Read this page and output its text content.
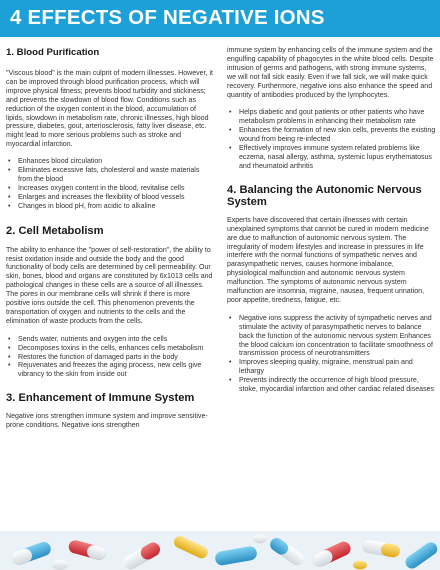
4 EFFECTS OF NEGATIVE IONS
1. Blood Purification

"Viscous blood" is the main culprit of modern illnesses. However, it can be improved through blood purification process, which will improve physical fitness; prevents blood turbidity and stickiness; and prevents the slowdown of blood flow. Conditions such as reduction of the oxygen content in the blood, accumulation of lipids, slowdown in metabolism rate, chronic illnesses, high blood pressure, diabetes, gout, arteriosclerosis, fatty liver disease, etc. might lead to more serious problems such as stroke and myocardial infarction.

• Enhances blood circulation
• Eliminates excessive fats, cholesterol and waste materials from the blood
• Increases oxygen content in the blood, revitalise cells
• Enlarges and increases the flexibility of blood vessels
• Changes in blood pH, from acidic to alkaline
2. Cell Metabolism

The ability to enhance the "power of self-restoration", the ability to resist oxidation inside and outside the body and the good functionality of body cells are determined by cell permeability. Our skin, bones, blood and organs are constituted by 6x1013 cells and pathological changes in these cells are a source of all illnesses. The pores in our membrane cells will shrink if there is more positive ions outside the cell. This phenomenon prevents the transportation of oxygen and nutrients to the cells and the elimination of waste products from the cells.

• Sends water, nutrients and oxygen into the cells
• Decomposes toxins in the cells, enhances cells metabolism
• Restores the function of damaged parts in the body
• Rejuvenates and freezes the aging process, new cells give vibrancy to the skin from inside out
3. Enhancement of Immune System

Negative ions strengthen immune system and improve sensitive-prone conditions. Negative ions strengthen

immune system by enhancing cells of the immune system and the engulfing capability of phagocytes in the white blood cells. Despite intrusion of germs and pathogens, with strong immune systems, we will not fall sick easily. Even if we fall sick, we will make quick recovery. Furthermore, negative ions also enhance the speed and quantity of antibodies produced by the lymphocytes.

• Helps diabetic and gout patients or other patients who have metabolism problems in enhancing their metabolism rate
• Enhances the formation of new skin cells, prevents the existing wound from being re-infected
• Effectively improves immune system related problems like eczema, nasal allergy, asthma, systemic lupus erythematosus and rheumatoid arthritis
4. Balancing the Autonomic Nervous System

Experts have discovered that certain illnesses with certain unexplained symptoms that cannot be cured in modern medicine are due to malfunction of autonomic nervous system. The irregularity of modern lifestyles and increase in pressures in life interfere with the normal functions of sympathetic nerves and parasympathetic nerves, causes hormone imbalance, physiological malfunction and autonomic nervous system malfunction. The symptoms of autonomic nervous system malfunction are insomnia, migraine, nausea, frequent urination, poor appetite, tiredness, fatigue, etc.

• Negative ions suppress the activity of sympathetic nerves and stimulate the activity of parasympathetic nerves to balance back the function of the autonomic nervous system Enhances the blood calcium ion concentration to facilitate smoothness of transmission process of neurotransmitters
• Improves sleeping quality, migraine, menstrual pain and lethargy
• Prevents indirectly the occurrence of high blood pressure, stoke, myocardial infarction and other cardiac related diseases
